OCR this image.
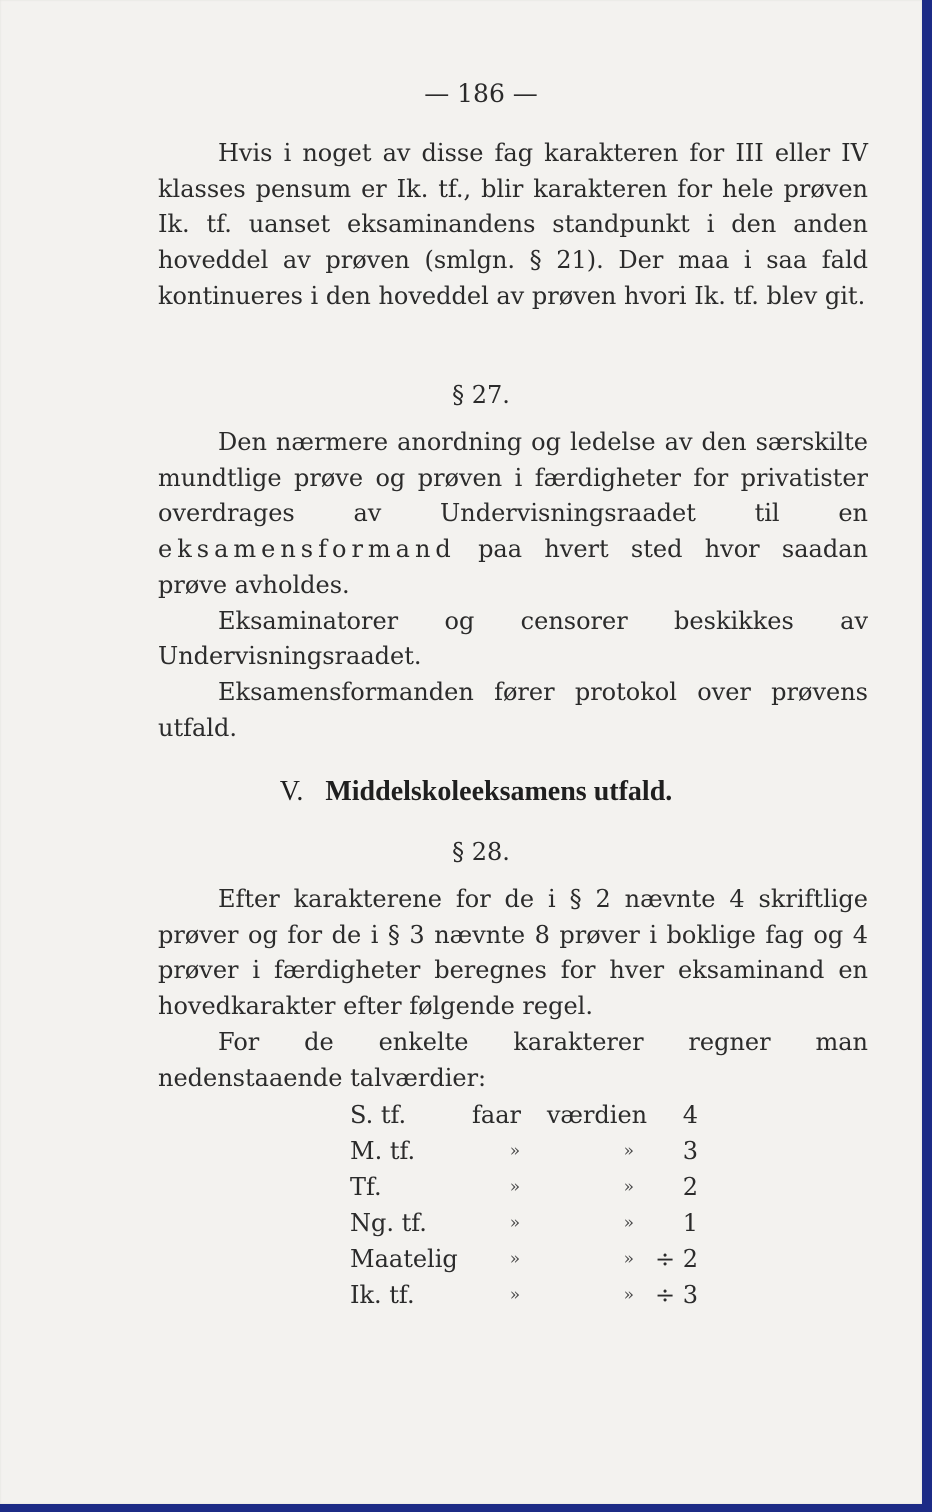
— 186 —

Hvis i noget av disse fag karakteren for III eller IV klasses pensum er Ik. tf., blir karakteren for hele prøven Ik. tf. uanset eksaminandens standpunkt i den anden hoveddel av prøven (smlgn. § 21). Der maa i saa fald kontinueres i den hoveddel av prøven hvori Ik. tf. blev git.

§ 27.

Den nærmere anordning og ledelse av den særskilte mundtlige prøve og prøven i færdigheter for privatister overdrages av Undervisningsraadet til en eksamensformand paa hvert sted hvor saadan prøve avholdes.

Eksaminatorer og censorer beskikkes av Undervisningsraadet.

Eksamensformanden fører protokol over prøvens utfald.

V. Middelskoleeksamens utfald.
§ 28.

Efter karakterene for de i § 2 nævnte 4 skriftlige prøver og for de i § 3 nævnte 8 prøver i boklige fag og 4 prøver i færdigheter beregnes for hver eksaminand en hovedkarakter efter følgende regel.

For de enkelte karakterer regner man nedenstaaende talværdier:

S. tf.	faar	værdien	4
M. tf.	»	»	3
Tf.	»	»	2
Ng. tf.	»	»	1
Maatelig	»	»	÷ 2
Ik. tf.	»	»	÷ 3
